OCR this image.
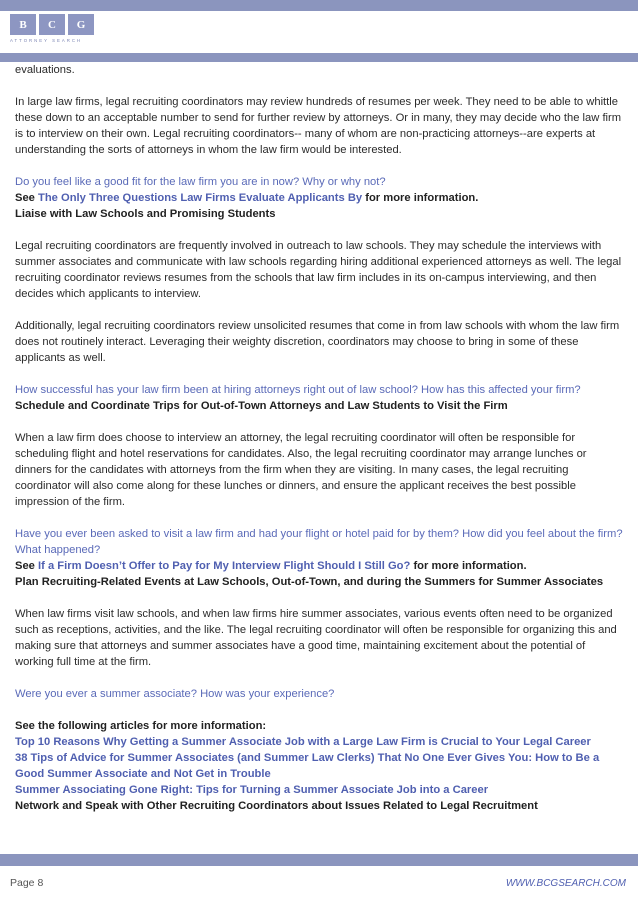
B	C	G
ATTORNEY SEARCH

evaluations.

In large law firms, legal recruiting coordinators may review hundreds of resumes per week. They need to be able to whittle these down to an acceptable number to send for further review by attorneys. Or in many, they may decide who the law firm is to interview on their own. Legal recruiting coordinators-- many of whom are non-practicing attorneys--are experts at understanding the sorts of attorneys in whom the law firm would be interested.

Do you feel like a good fit for the law firm you are in now? Why or why not?

See The Only Three Questions Law Firms Evaluate Applicants By for more information.

Liaise with Law Schools and Promising Students

Legal recruiting coordinators are frequently involved in outreach to law schools. They may schedule the interviews with summer associates and communicate with law schools regarding hiring additional experienced attorneys as well. The legal recruiting coordinator reviews resumes from the schools that law firm includes in its on-campus interviewing, and then decides which applicants to interview.

Additionally, legal recruiting coordinators review unsolicited resumes that come in from law schools with whom the law firm does not routinely interact. Leveraging their weighty discretion, coordinators may choose to bring in some of these applicants as well.

How successful has your law firm been at hiring attorneys right out of law school? How has this affected your firm?

Schedule and Coordinate Trips for Out-of-Town Attorneys and Law Students to Visit the Firm

When a law firm does choose to interview an attorney, the legal recruiting coordinator will often be responsible for scheduling flight and hotel reservations for candidates. Also, the legal recruiting coordinator may arrange lunches or dinners for the candidates with attorneys from the firm when they are visiting. In many cases, the legal recruiting coordinator will also come along for these lunches or dinners, and ensure the applicant receives the best possible impression of the firm.

Have you ever been asked to visit a law firm and had your flight or hotel paid for by them? How did you feel about the firm? What happened?

See If a Firm Doesn’t Offer to Pay for My Interview Flight Should I Still Go? for more information.

Plan Recruiting-Related Events at Law Schools, Out-of-Town, and during the Summers for Summer Associates

When law firms visit law schools, and when law firms hire summer associates, various events often need to be organized such as receptions, activities, and the like. The legal recruiting coordinator will often be responsible for organizing this and making sure that attorneys and summer associates have a good time, maintaining excitement about the potential of working full time at the firm.

Were you ever a summer associate? How was your experience?

See the following articles for more information:

Top 10 Reasons Why Getting a Summer Associate Job with a Large Law Firm is Crucial to Your Legal Career

38 Tips of Advice for Summer Associates (and Summer Law Clerks) That No One Ever Gives You: How to Be a Good Summer Associate and Not Get in Trouble

Summer Associating Gone Right: Tips for Turning a Summer Associate Job into a Career

Network and Speak with Other Recruiting Coordinators about Issues Related to Legal Recruitment

Page 8	WWW.BCGSEARCH.COM
